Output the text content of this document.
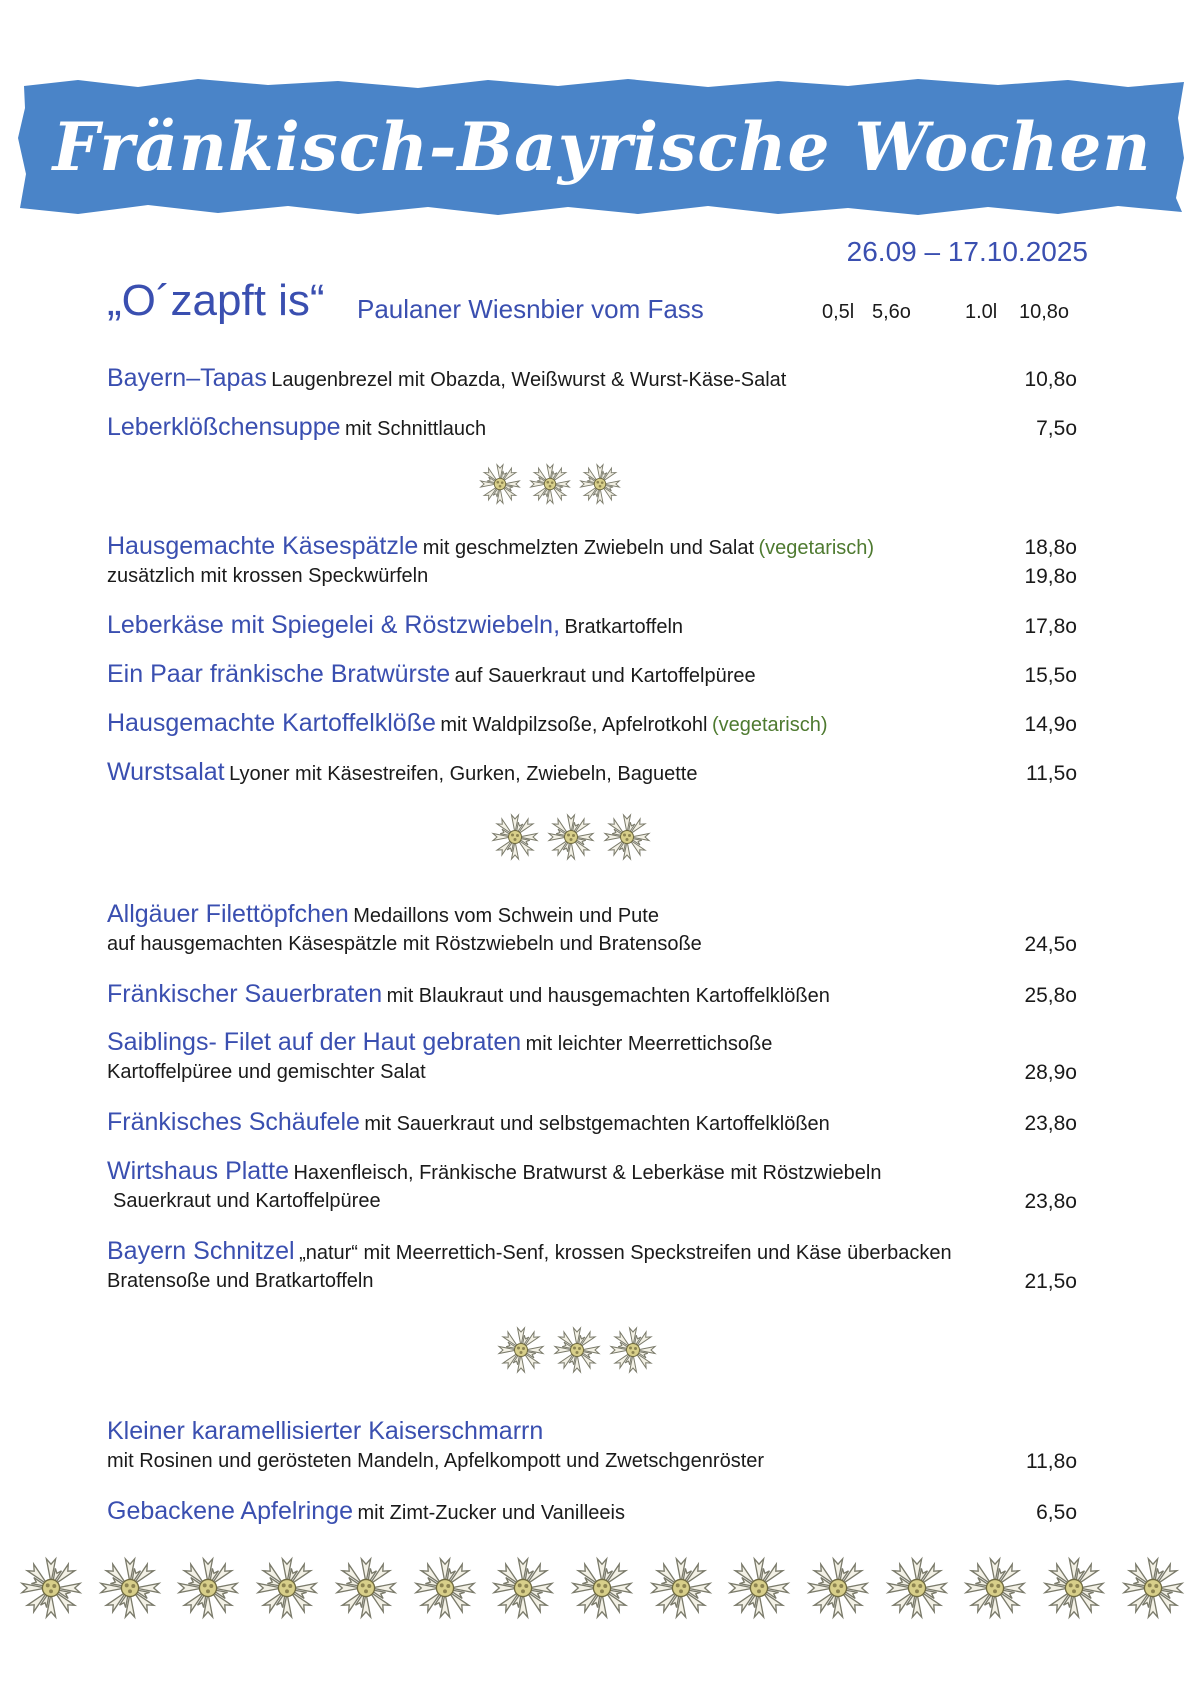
Fränkisch-Bayrische Wochen
26.09 – 17.10.2025
„O´zapft is“ Paulaner Wiesnbier vom Fass	0,5l 5,6o	1.0l 10,8o
Bayern–Tapas Laugenbrezel mit Obazda, Weißwurst & Wurst-Käse-Salat	10,8o
Leberklößchensuppe mit Schnittlauch	7,5o
Hausgemachte Käsespätzle mit geschmelzten Zwiebeln und Salat (vegetarisch)	18,8o
zusätzlich mit krossen Speckwürfeln	19,8o
Leberkäse mit Spiegelei & Röstzwiebeln, Bratkartoffeln	17,8o
Ein Paar fränkische Bratwürste auf Sauerkraut und Kartoffelpüree	15,5o
Hausgemachte Kartoffelklöße mit Waldpilzsoße, Apfelrotkohl (vegetarisch)	14,9o
Wurstsalat Lyoner mit Käsestreifen, Gurken, Zwiebeln, Baguette	11,5o
Allgäuer Filettöpfchen Medaillons vom Schwein und Pute
auf hausgemachten Käsespätzle mit Röstzwiebeln und Bratensoße	24,5o
Fränkischer Sauerbraten mit Blaukraut und hausgemachten Kartoffelklößen	25,8o
Saiblings- Filet auf der Haut gebraten mit leichter Meerrettichsoße
Kartoffelpüree und gemischter Salat	28,9o
Fränkisches Schäufele mit Sauerkraut und selbstgemachten Kartoffelklößen	23,8o
Wirtshaus Platte Haxenfleisch, Fränkische Bratwurst & Leberkäse mit Röstzwiebeln
Sauerkraut und Kartoffelpüree	23,8o
Bayern Schnitzel „natur“ mit Meerrettich-Senf, krossen Speckstreifen und Käse überbacken
Bratensoße und Bratkartoffeln	21,5o
Kleiner karamellisierter Kaiserschmarrn
mit Rosinen und gerösteten Mandeln, Apfelkompott und Zwetschgenröster	11,8o
Gebackene Apfelringe mit Zimt-Zucker und Vanilleeis	6,5o
